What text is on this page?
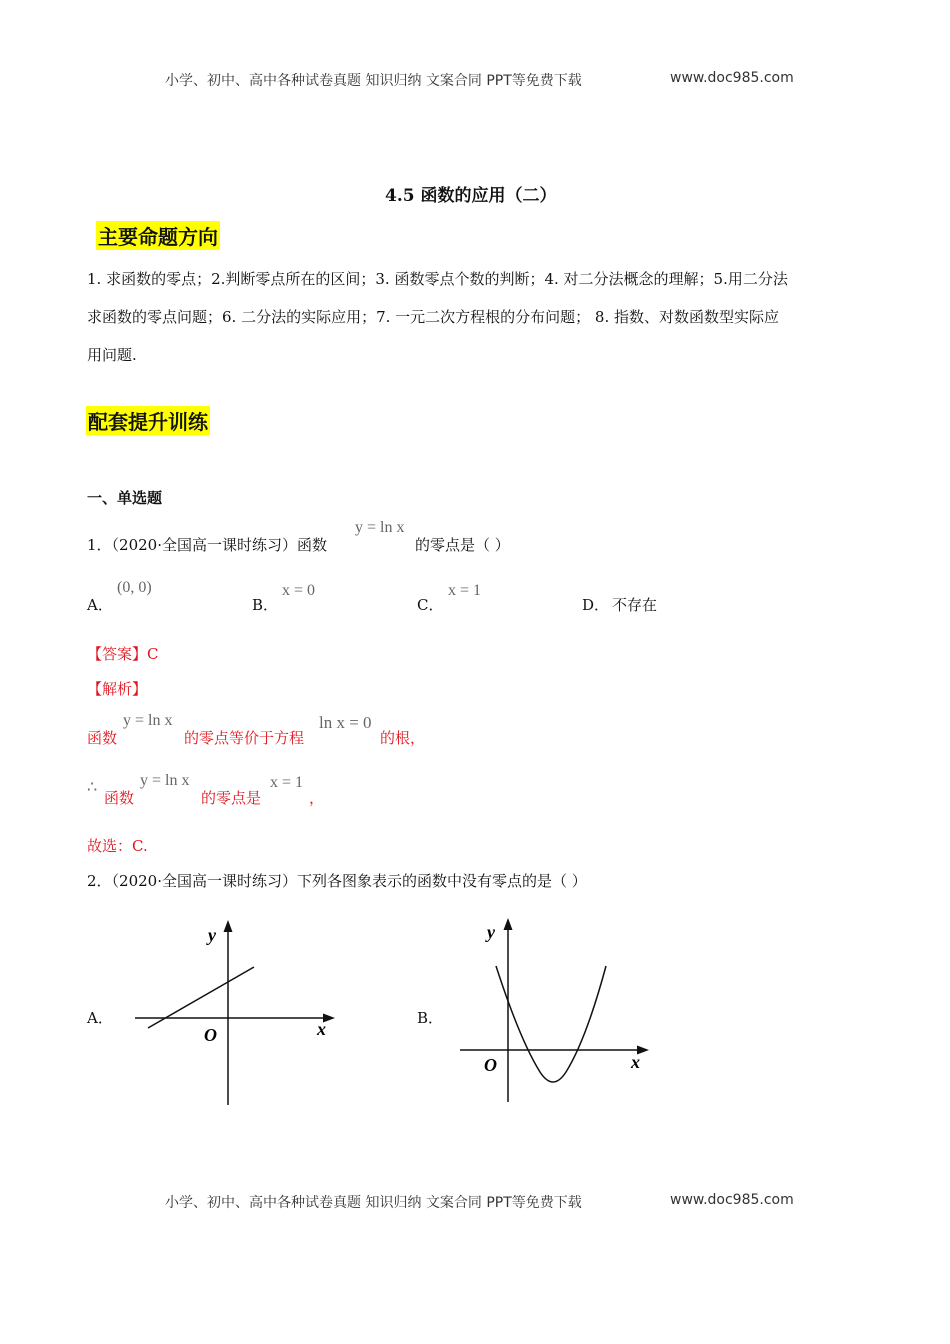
小学、初中、高中各种试卷真题 知识归纳 文案合同 PPT等免费下载	www.doc985.com
4.5 函数的应用（二）
主要命题方向
1. 求函数的零点；2.判断零点所在的区间；3. 函数零点个数的判断；4. 对二分法概念的理解；5.用二分法
求函数的零点问题；6. 二分法的实际应用；7. 一元二次方程根的分布问题； 8. 指数、对数函数型实际应
用问题.
配套提升训练
一、单选题
1．（2020·全国高一课时练习）函数
y = ln x
的零点是（ ）
A．
(0, 0)
B．
x = 0
C．
x = 1
D． 不存在
【答案】C
【解析】
函数
y = ln x
的零点等价于方程
ln x = 0
的根，
∴
函数
y = ln x
的零点是
x = 1
，
故选：C.
2．（2020·全国高一课时练习）下列各图象表示的函数中没有零点的是（ ）
A．	B．
y
O	x
y
O	x
小学、初中、高中各种试卷真题 知识归纳 文案合同 PPT等免费下载	www.doc985.com
